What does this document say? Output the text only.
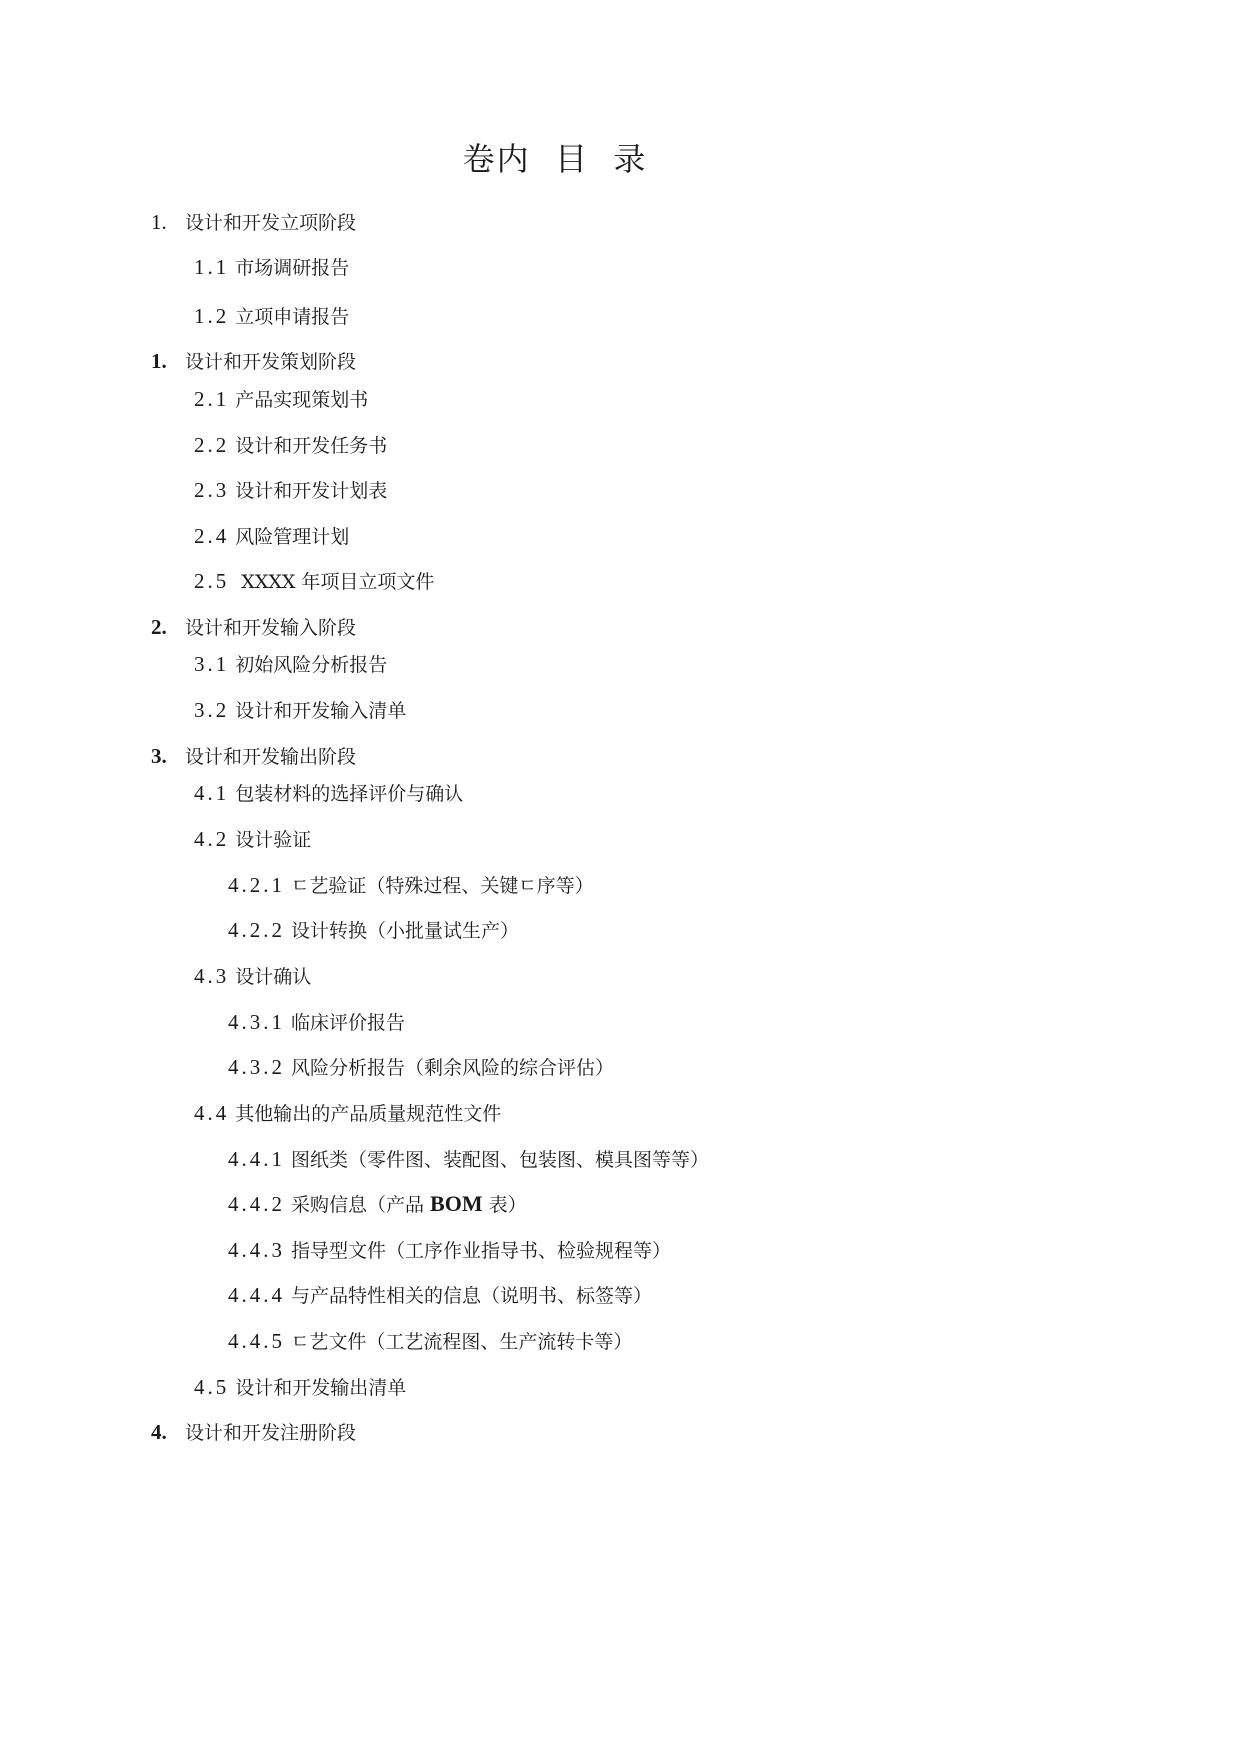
卷内  目  录
1. 设计和开发立项阶段
1.1 市场调研报告
1.2 立项申请报告
1. 设计和开发策划阶段
2.1 产品实现策划书
2.2 设计和开发任务书
2.3 设计和开发计划表
2.4 风险管理计划
2.5 XXXX 年项目立项文件
2. 设计和开发输入阶段
3.1 初始风险分析报告
3.2 设计和开发输入清单
3. 设计和开发输出阶段
4.1 包装材料的选择评价与确认
4.2 设计验证
4.2.1 ㄷ艺验证（特殊过程、关键ㄷ序等）
4.2.2 设计转换（小批量试生产）
4.3 设计确认
4.3.1 临床评价报告
4.3.2 风险分析报告（剩余风险的综合评估）
4.4 其他输出的产品质量规范性文件
4.4.1 图纸类（零件图、装配图、包装图、模具图等等）
4.4.2 采购信息（产品 BOM 表）
4.4.3 指导型文件（工序作业指导书、检验规程等）
4.4.4 与产品特性相关的信息（说明书、标签等）
4.4.5 ㄷ艺文件（工艺流程图、生产流转卡等）
4.5 设计和开发输出清单
4. 设计和开发注册阶段
